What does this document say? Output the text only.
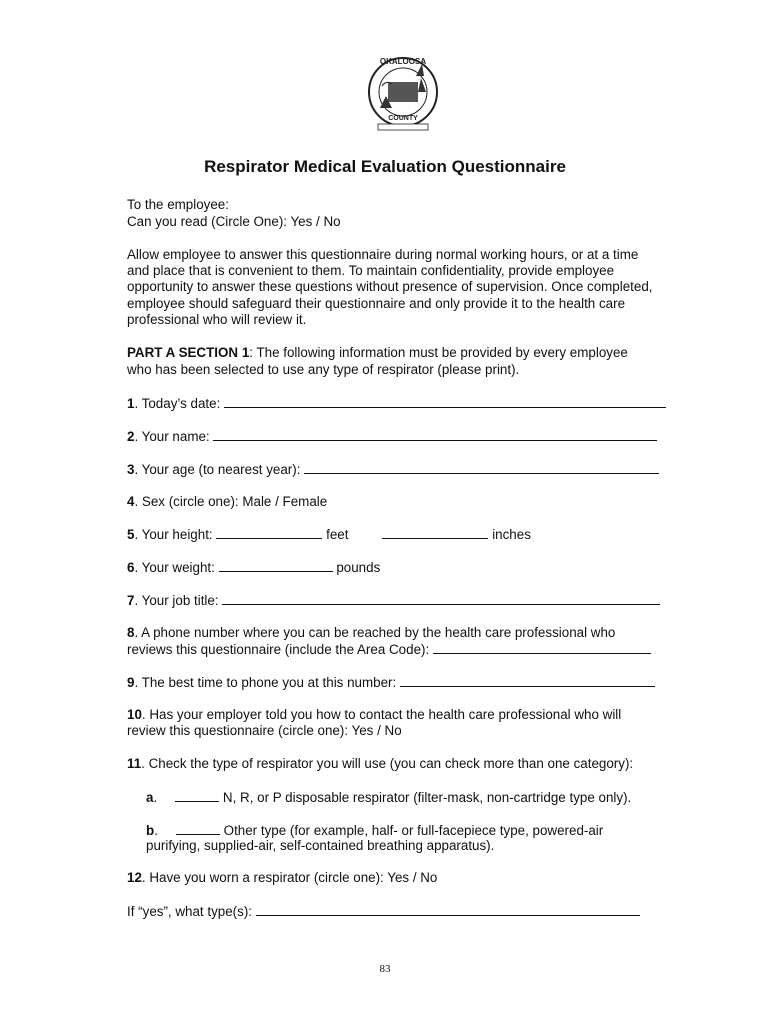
OKALOOSA
COUNTY
Respirator Medical Evaluation Questionnaire
To the employee:
Can you read (Circle One): Yes / No
Allow employee to answer this questionnaire during normal working hours, or at a time
and place that is convenient to them. To maintain confidentiality, provide employee
opportunity to answer these questions without presence of supervision. Once completed,
employee should safeguard their questionnaire and only provide it to the health care
professional who will review it.
PART A SECTION 1: The following information must be provided by every employee
who has been selected to use any type of respirator (please print).
1. Today’s date:
2. Your name:
3. Your age (to nearest year):
4. Sex (circle one): Male / Female
5. Your height:	feet	inches
6. Your weight:	pounds
7. Your job title:
8. A phone number where you can be reached by the health care professional who
reviews this questionnaire (include the Area Code):
9. The best time to phone you at this number:
10. Has your employer told you how to contact the health care professional who will
review this questionnaire (circle one): Yes / No
11. Check the type of respirator you will use (you can check more than one category):
a.	N, R, or P disposable respirator (filter-mask, non-cartridge type only).
b.	Other type (for example, half- or full-facepiece type, powered-air
purifying, supplied-air, self-contained breathing apparatus).
12. Have you worn a respirator (circle one): Yes / No
If “yes”, what type(s):
83
